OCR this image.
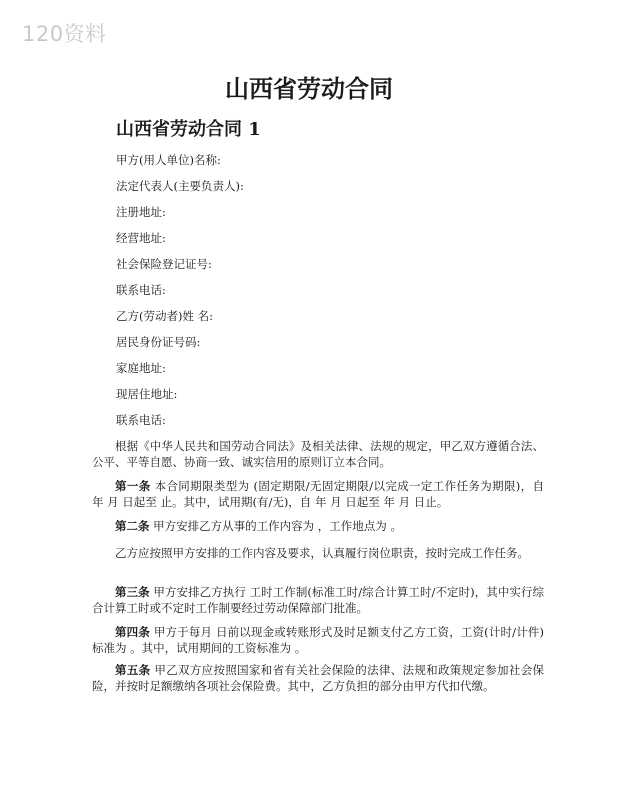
120资料
山西省劳动合同
山西省劳动合同 1
甲方(用人单位)名称:
法定代表人(主要负责人):
注册地址:
经营地址:
社会保险登记证号:
联系电话:
乙方(劳动者)姓 名:
居民身份证号码:
家庭地址:
现居住地址:
联系电话:

根据《中华人民共和国劳动合同法》及相关法律、法规的规定，甲乙双方遵循合法、公平、平等自愿、协商一致、诚实信用的原则订立本合同。

第一条 本合同期限类型为 (固定期限/无固定期限/以完成一定工作任务为期限)，自 年 月 日起至 止。其中，试用期(有/无)，自 年 月 日起至 年 月 日止。

第二条 甲方安排乙方从事的工作内容为 ，工作地点为 。

乙方应按照甲方安排的工作内容及要求，认真履行岗位职责，按时完成工作任务。

第三条 甲方安排乙方执行 工时工作制(标准工时/综合计算工时/不定时)，其中实行综合计算工时或不定时工作制要经过劳动保障部门批准。

第四条 甲方于每月 日前以现金或转账形式及时足额支付乙方工资，工资(计时/计件)标准为 。其中，试用期间的工资标准为 。

第五条 甲乙双方应按照国家和省有关社会保险的法律、法规和政策规定参加社会保险，并按时足额缴纳各项社会保险费。其中，乙方负担的部分由甲方代扣代缴。
